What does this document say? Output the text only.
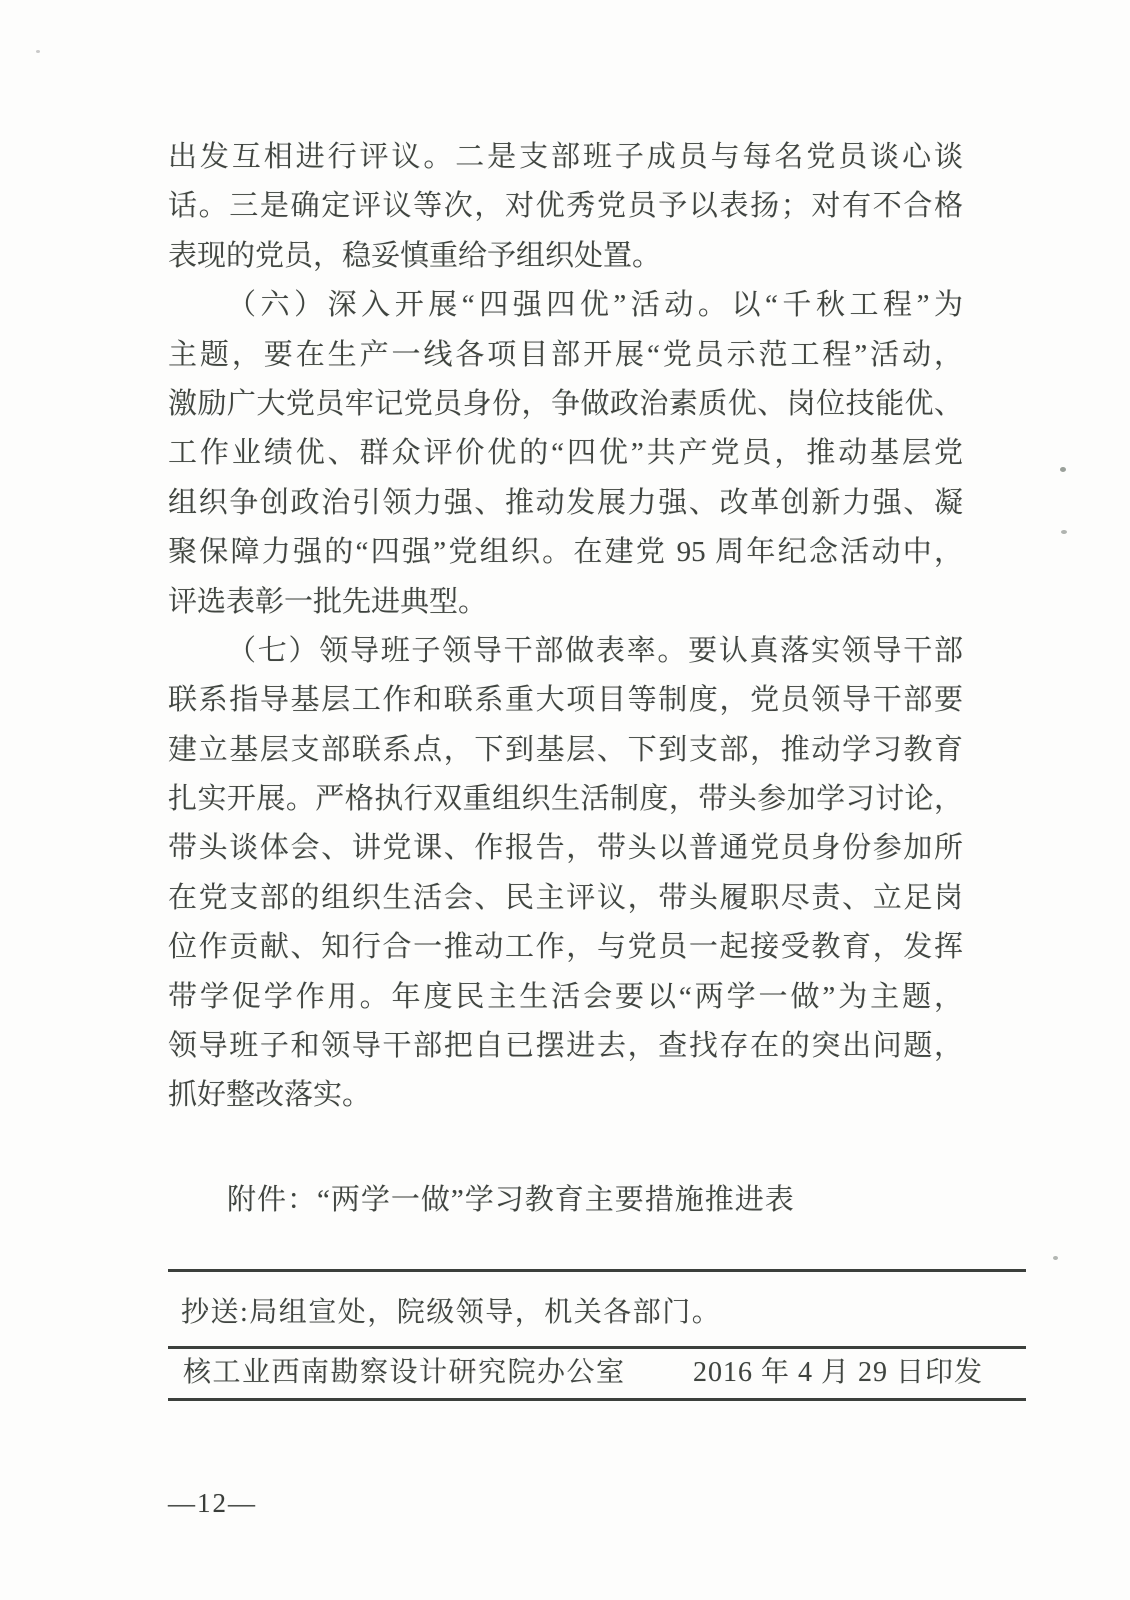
出发互相进行评议。二是支部班子成员与每名党员谈心谈
话。三是确定评议等次，对优秀党员予以表扬；对有不合格
表现的党员，稳妥慎重给予组织处置。
（六）深入开展“四强四优”活动。以“千秋工程”为
主题，要在生产一线各项目部开展“党员示范工程”活动，
激励广大党员牢记党员身份，争做政治素质优、岗位技能优、
工作业绩优、群众评价优的“四优”共产党员，推动基层党
组织争创政治引领力强、推动发展力强、改革创新力强、凝
聚保障力强的“四强”党组织。在建党 95 周年纪念活动中，
评选表彰一批先进典型。
（七）领导班子领导干部做表率。要认真落实领导干部
联系指导基层工作和联系重大项目等制度，党员领导干部要
建立基层支部联系点，下到基层、下到支部，推动学习教育
扎实开展。严格执行双重组织生活制度，带头参加学习讨论，
带头谈体会、讲党课、作报告，带头以普通党员身份参加所
在党支部的组织生活会、民主评议，带头履职尽责、立足岗
位作贡献、知行合一推动工作，与党员一起接受教育，发挥
带学促学作用。年度民主生活会要以“两学一做”为主题，
领导班子和领导干部把自已摆进去，查找存在的突出问题，
抓好整改落实。
附件：“两学一做”学习教育主要措施推进表
抄送:局组宣处，院级领导，机关各部门。
核工业西南勘察设计研究院办公室 2016 年 4 月 29 日印发
—12—
